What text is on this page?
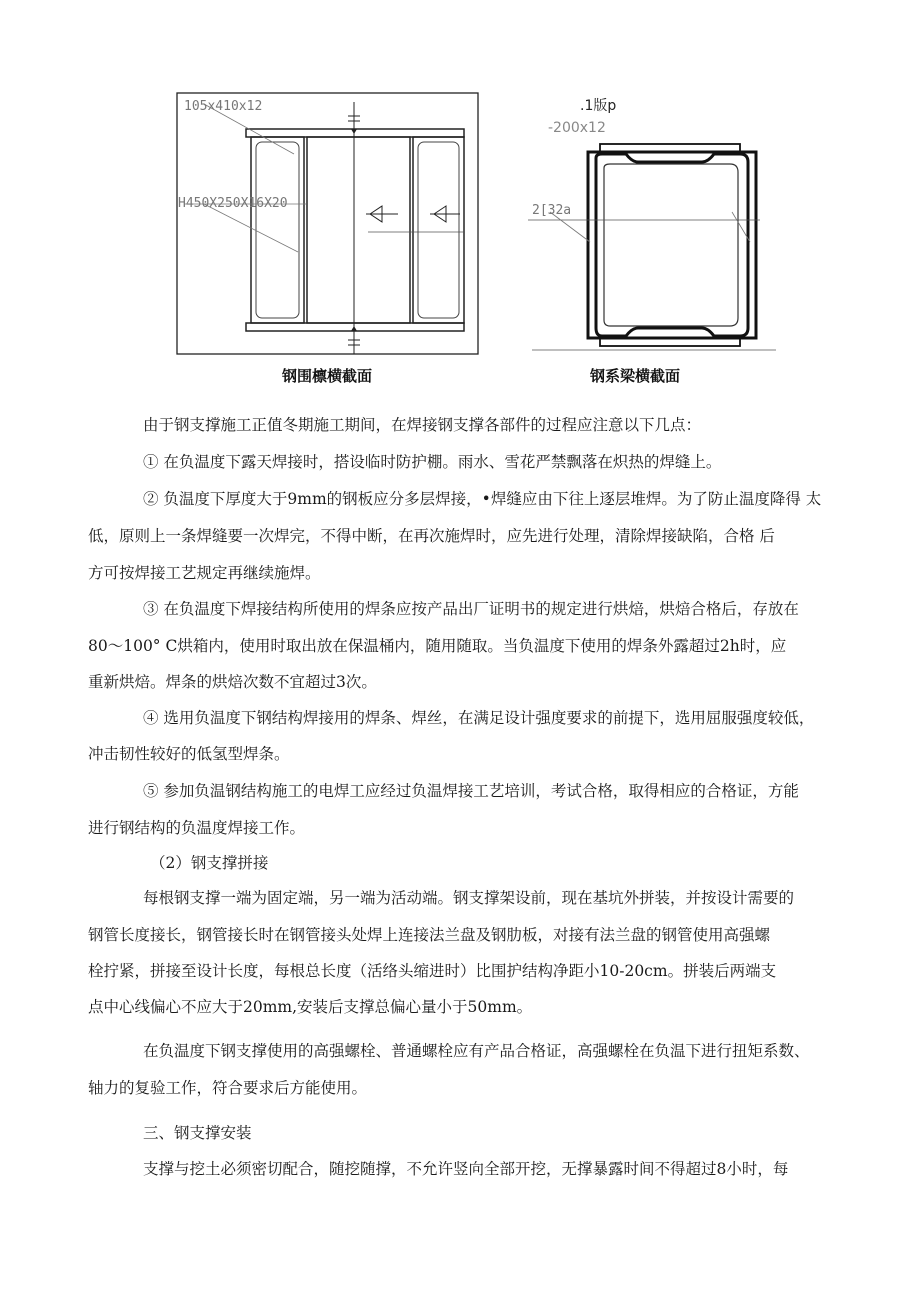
105x410x12
H450X250X16X20
钢围檩横截面
.1版p
-200x12
2[32a
钢系梁横截面
由于钢支撑施工正值冬期施工期间，在焊接钢支撑各部件的过程应注意以下几点：
① 在负温度下露天焊接时，搭设临时防护棚。雨水、雪花严禁飘落在炽热的焊缝上。
② 负温度下厚度大于9mm的钢板应分多层焊接，•焊缝应由下往上逐层堆焊。为了防止温度降得 太
低，原则上一条焊缝要一次焊完，不得中断，在再次施焊时，应先进行处理，清除焊接缺陷，合格 后
方可按焊接工艺规定再继续施焊。
③ 在负温度下焊接结构所使用的焊条应按产品出厂证明书的规定进行烘焙，烘焙合格后，存放在
80～100° C烘箱内，使用时取出放在保温桶内，随用随取。当负温度下使用的焊条外露超过2h时，应
重新烘焙。焊条的烘焙次数不宜超过3次。
④ 选用负温度下钢结构焊接用的焊条、焊丝，在满足设计强度要求的前提下，选用屈服强度较低，
冲击韧性较好的低氢型焊条。
⑤ 参加负温钢结构施工的电焊工应经过负温焊接工艺培训，考试合格，取得相应的合格证，方能
进行钢结构的负温度焊接工作。
（2）钢支撑拼接
每根钢支撑一端为固定端，另一端为活动端。钢支撑架设前，现在基坑外拼装，并按设计需要的
钢管长度接长，钢管接长时在钢管接头处焊上连接法兰盘及钢肋板，对接有法兰盘的钢管使用高强螺
栓拧紧，拼接至设计长度，每根总长度（活络头缩进时）比围护结构净距小10-20cm。拼装后两端支
点中心线偏心不应大于20mm,安装后支撑总偏心量小于50mm。
在负温度下钢支撑使用的高强螺栓、普通螺栓应有产品合格证，高强螺栓在负温下进行扭矩系数、
轴力的复验工作，符合要求后方能使用。
三、钢支撑安装
支撑与挖土必须密切配合，随挖随撑，不允许竖向全部开挖，无撑暴露时间不得超过8小时，每
